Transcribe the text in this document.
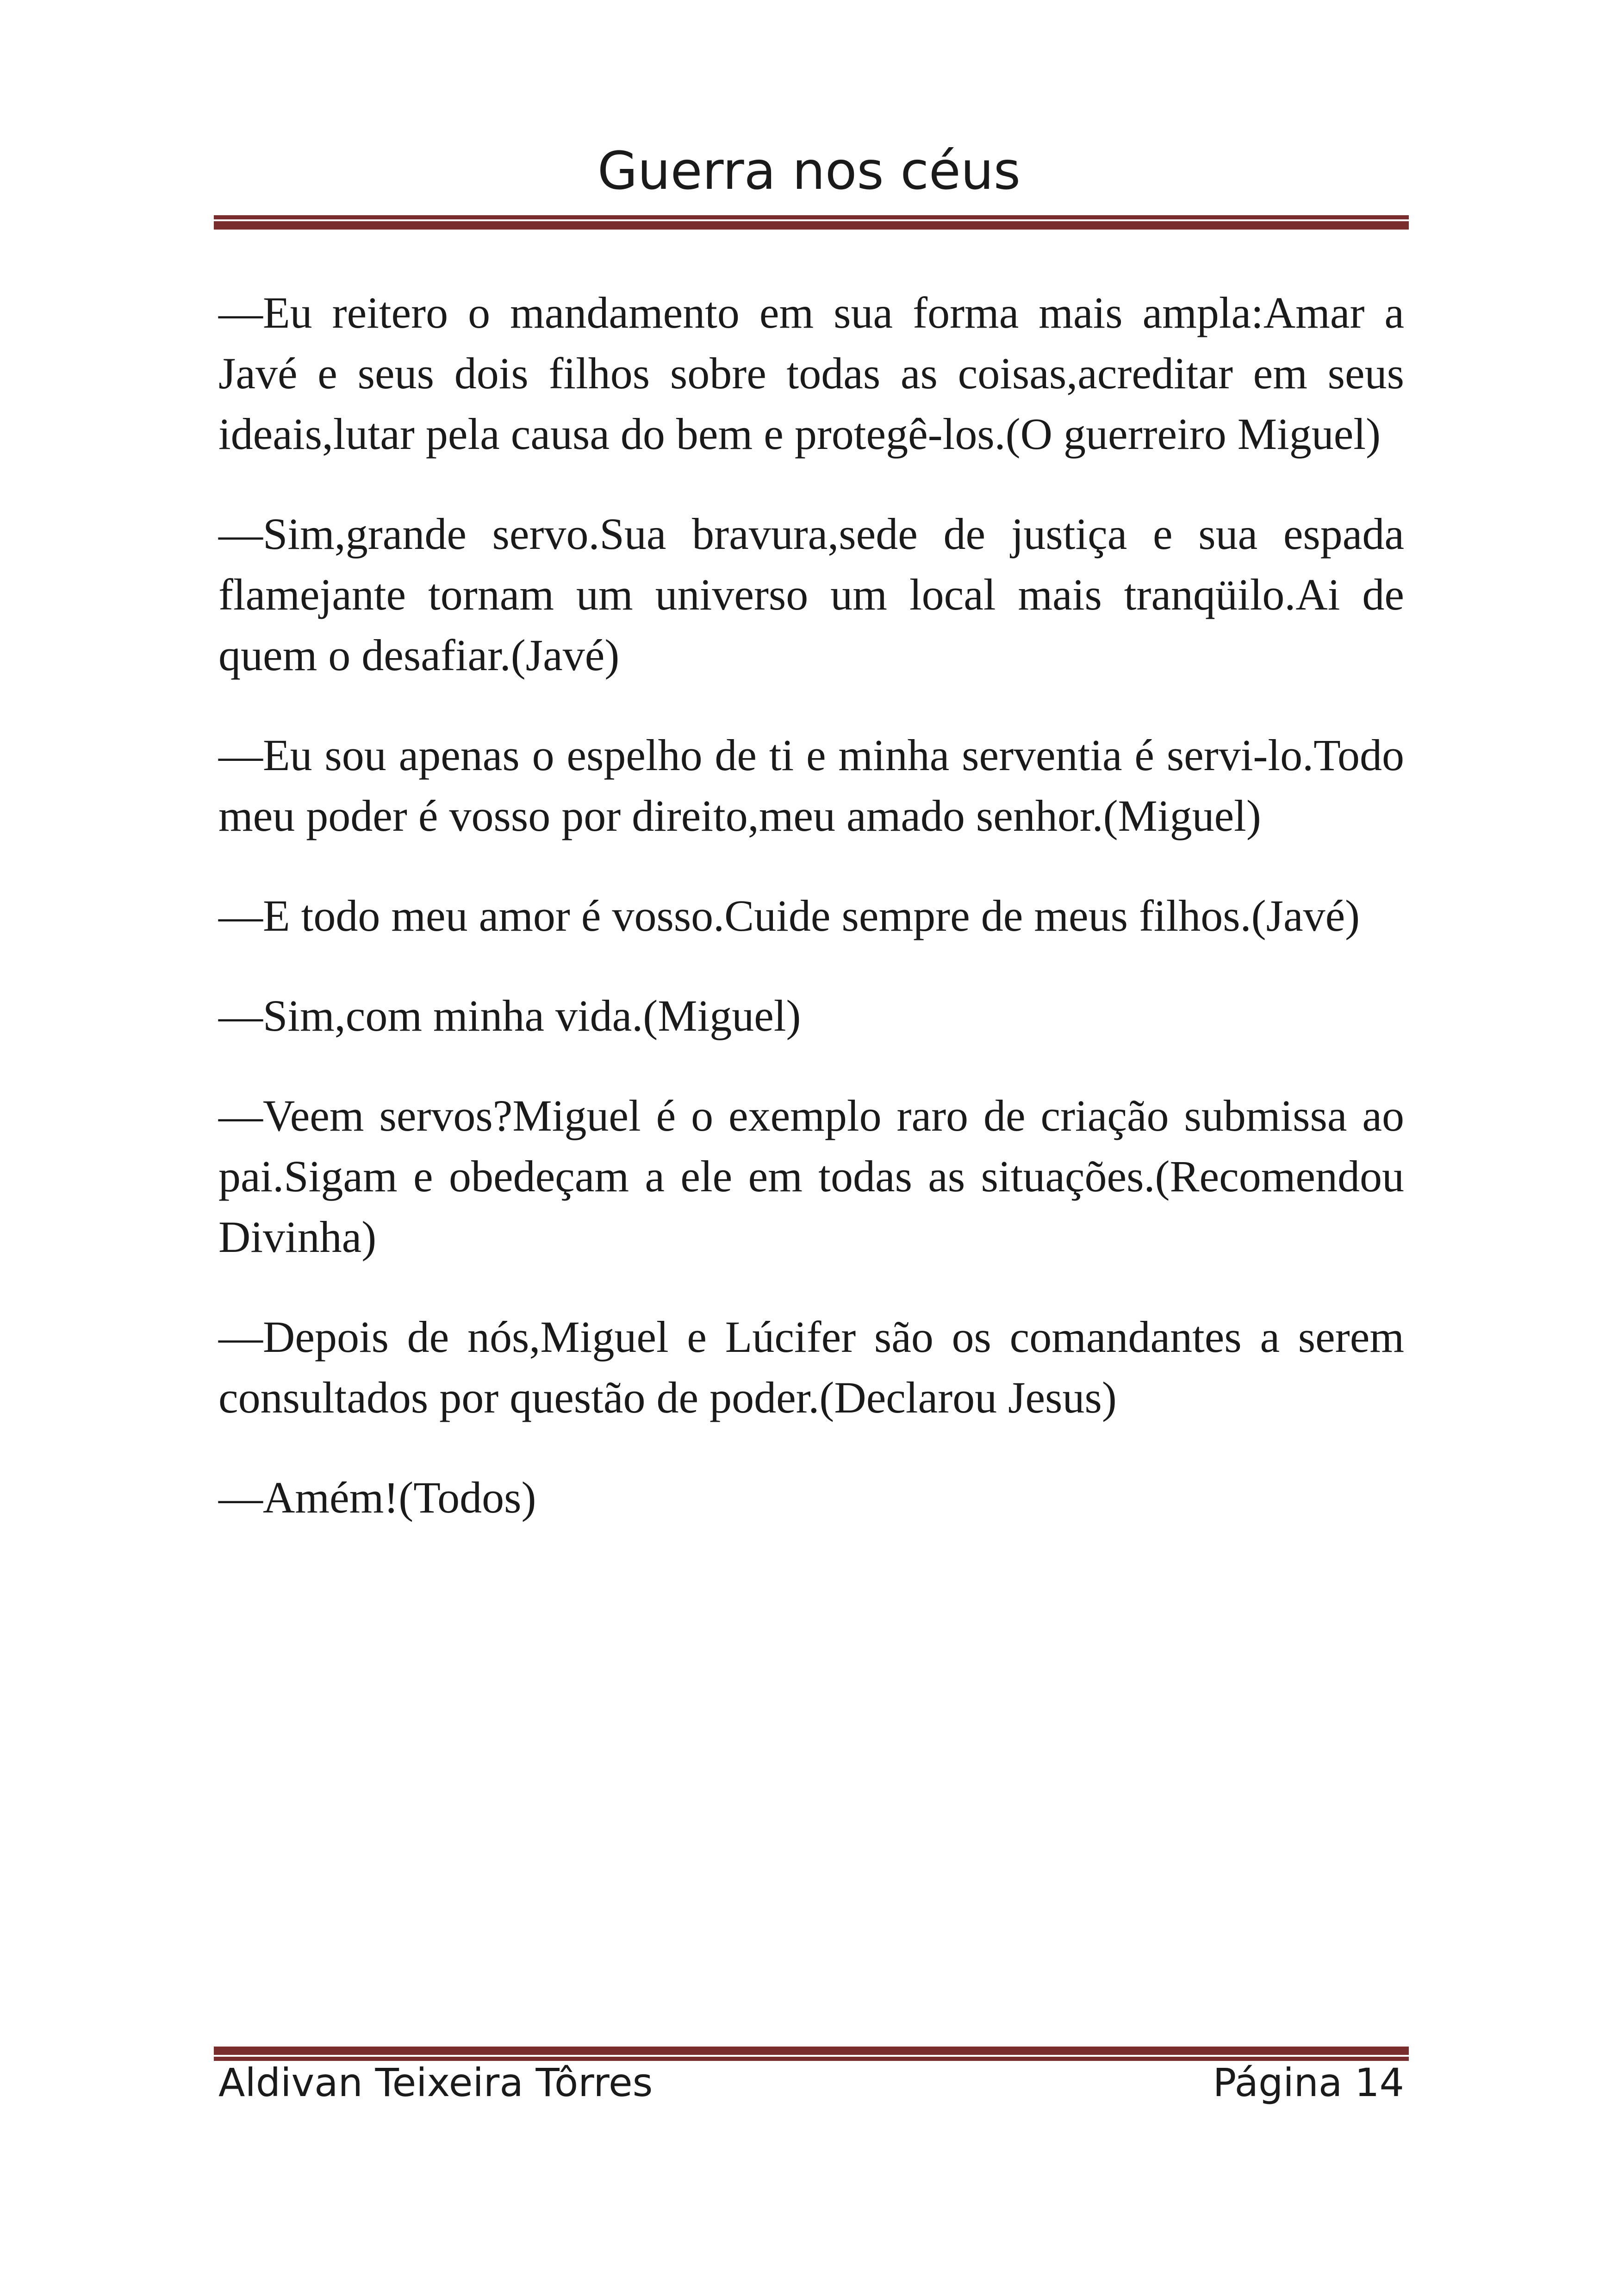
Guerra nos céus

—Eu reitero o mandamento em sua forma mais ampla:Amar a Javé e seus dois filhos sobre todas as coisas,acreditar em seus ideais,lutar pela causa do bem e protegê-los.(O guerreiro Miguel)

—Sim,grande servo.Sua bravura,sede de justiça e sua espada flamejante tornam um universo um local mais tranqüilo.Ai de quem o desafiar.(Javé)

—Eu sou apenas o espelho de ti e minha serventia é servi-lo.Todo meu poder é vosso por direito,meu amado senhor.(Miguel)

—E todo meu amor é vosso.Cuide sempre de meus filhos.(Javé)

—Sim,com minha vida.(Miguel)

—Veem servos?Miguel é o exemplo raro de criação submissa ao pai.Sigam e obedeçam a ele em todas as situações.(Recomendou Divinha)

—Depois de nós,Miguel e Lúcifer são os comandantes a serem consultados por questão de poder.(Declarou Jesus)

—Amém!(Todos)

Aldivan Teixeira Tôrres	Página 14
